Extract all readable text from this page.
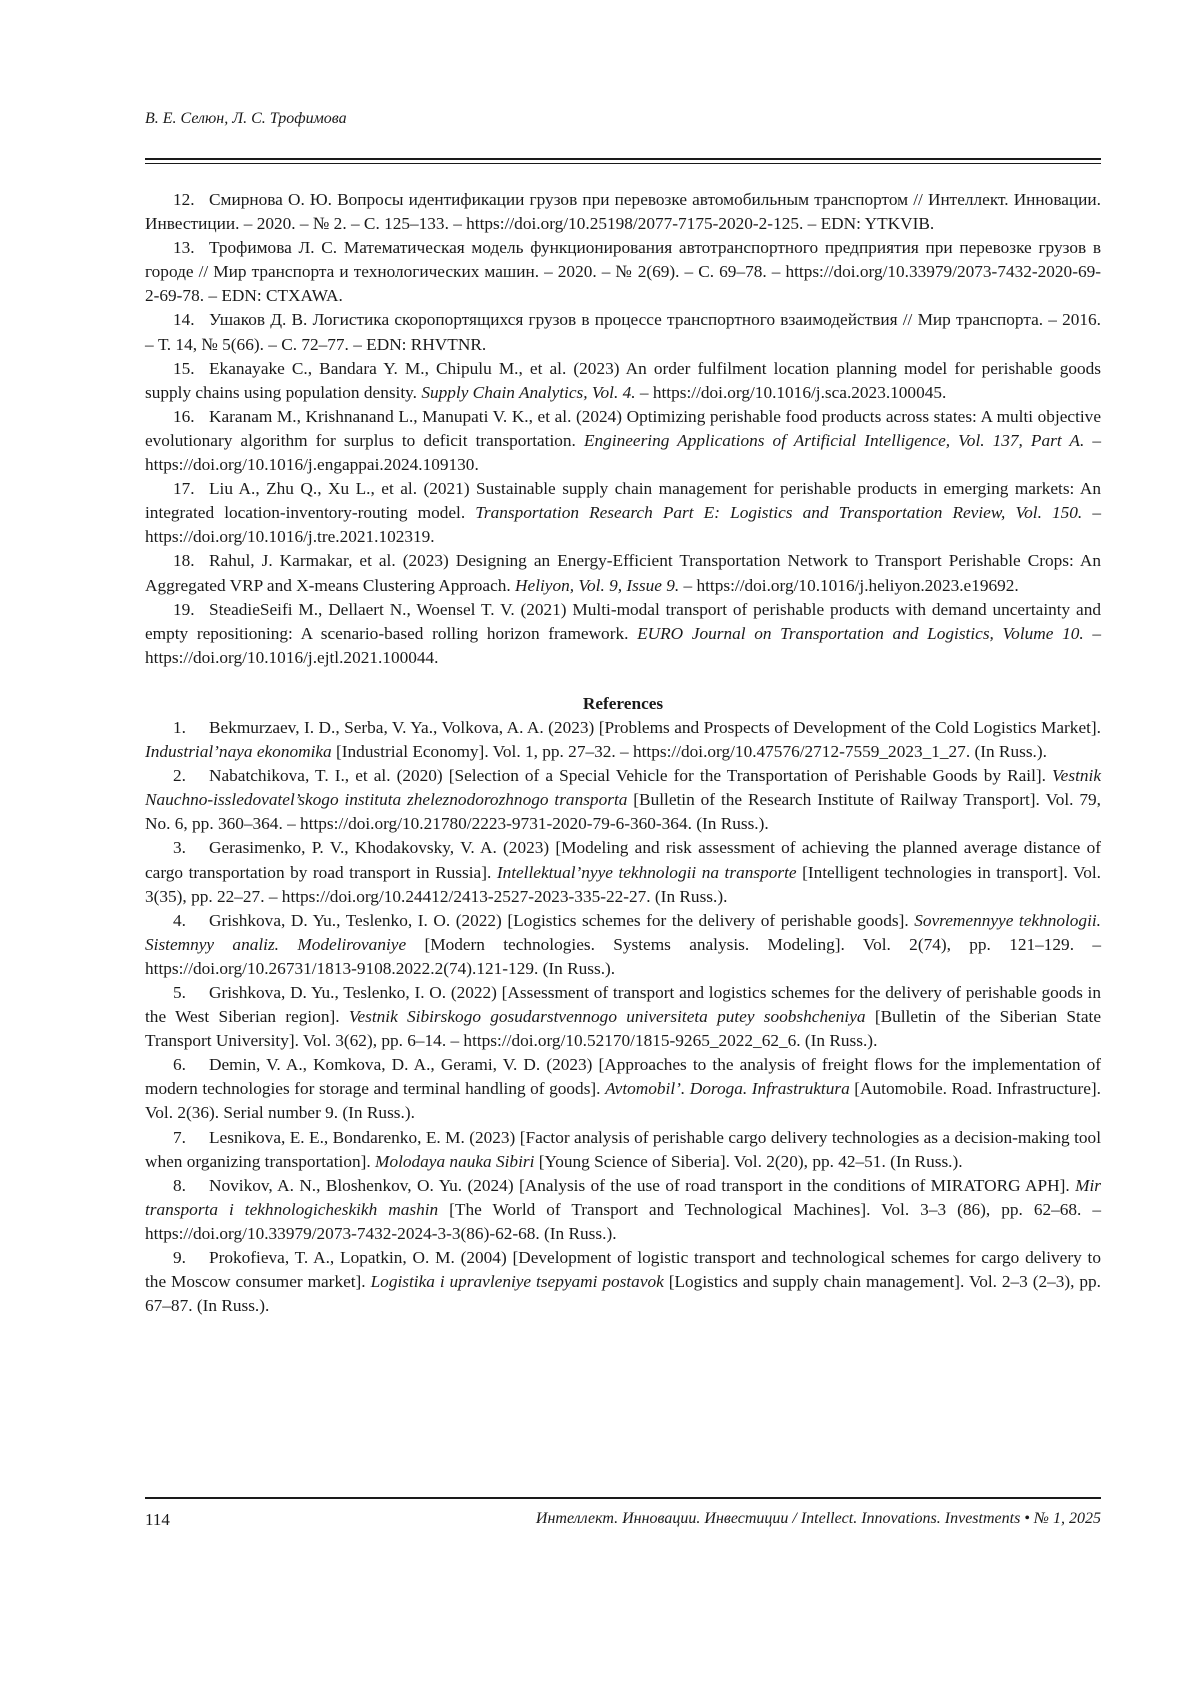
В. Е. Селюн, Л. С. Трофимова

12. Смирнова О. Ю. Вопросы идентификации грузов при перевозке автомобильным транспортом // Интеллект. Инновации. Инвестиции. – 2020. – № 2. – С. 125–133. – https://doi.org/10.25198/2077-7175-2020-2-125. – EDN: YTKVIB.

13. Трофимова Л. С. Математическая модель функционирования автотранспортного предприятия при перевозке грузов в городе // Мир транспорта и технологических машин. – 2020. – № 2(69). – С. 69–78. – https://doi.org/10.33979/2073-7432-2020-69-2-69-78. – EDN: CTXAWA.

14. Ушаков Д. В. Логистика скоропортящихся грузов в процессе транспортного взаимодействия // Мир транспорта. – 2016. – Т. 14, № 5(66). – С. 72–77. – EDN: RHVTNR.

15. Ekanayake C., Bandara Y. M., Chipulu M., et al. (2023) An order fulfilment location planning model for perishable goods supply chains using population density. Supply Chain Analytics, Vol. 4. – https://doi.org/10.1016/j.sca.2023.100045.

16. Karanam M., Krishnanand L., Manupati V. K., et al. (2024) Optimizing perishable food products across states: A multi objective evolutionary algorithm for surplus to deficit transportation. Engineering Applications of Artificial Intelligence, Vol. 137, Part A. – https://doi.org/10.1016/j.engappai.2024.109130.

17. Liu A., Zhu Q., Xu L., et al. (2021) Sustainable supply chain management for perishable products in emerging markets: An integrated location-inventory-routing model. Transportation Research Part E: Logistics and Transportation Review, Vol. 150. – https://doi.org/10.1016/j.tre.2021.102319.

18. Rahul, J. Karmakar, et al. (2023) Designing an Energy-Efficient Transportation Network to Transport Perishable Crops: An Aggregated VRP and X-means Clustering Approach. Heliyon, Vol. 9, Issue 9. – https://doi.org/10.1016/j.heliyon.2023.e19692.

19. SteadieSeifi M., Dellaert N., Woensel T. V. (2021) Multi-modal transport of perishable products with demand uncertainty and empty repositioning: A scenario-based rolling horizon framework. EURO Journal on Transportation and Logistics, Volume 10. – https://doi.org/10.1016/j.ejtl.2021.100044.

References

1. Bekmurzaev, I. D., Serba, V. Ya., Volkova, A. A. (2023) [Problems and Prospects of Development of the Cold Logistics Market]. Industrial’naya ekonomika [Industrial Economy]. Vol. 1, pp. 27–32. – https://doi.org/10.47576/2712-7559_2023_1_27. (In Russ.).

2. Nabatchikova, T. I., et al. (2020) [Selection of a Special Vehicle for the Transportation of Perishable Goods by Rail]. Vestnik Nauchno-issledovatel’skogo instituta zheleznodorozhnogo transporta [Bulletin of the Research Institute of Railway Transport]. Vol. 79, No. 6, pp. 360–364. – https://doi.org/10.21780/2223-9731-2020-79-6-360-364. (In Russ.).

3. Gerasimenko, P. V., Khodakovsky, V. A. (2023) [Modeling and risk assessment of achieving the planned average distance of cargo transportation by road transport in Russia]. Intellektual’nyye tekhnologii na transporte [Intelligent technologies in transport]. Vol. 3(35), pp. 22–27. – https://doi.org/10.24412/2413-2527-2023-335-22-27. (In Russ.).

4. Grishkova, D. Yu., Teslenko, I. O. (2022) [Logistics schemes for the delivery of perishable goods]. Sovremennyye tekhnologii. Sistemnyy analiz. Modelirovaniye [Modern technologies. Systems analysis. Modeling]. Vol. 2(74), pp. 121–129. – https://doi.org/10.26731/1813-9108.2022.2(74).121-129. (In Russ.).

5. Grishkova, D. Yu., Teslenko, I. O. (2022) [Assessment of transport and logistics schemes for the delivery of perishable goods in the West Siberian region]. Vestnik Sibirskogo gosudarstvennogo universiteta putey soobshcheniya [Bulletin of the Siberian State Transport University]. Vol. 3(62), pp. 6–14. – https://doi.org/10.52170/1815-9265_2022_62_6. (In Russ.).

6. Demin, V. A., Komkova, D. A., Gerami, V. D. (2023) [Approaches to the analysis of freight flows for the implementation of modern technologies for storage and terminal handling of goods]. Avtomobil’. Doroga. Infrastruktura [Automobile. Road. Infrastructure]. Vol. 2(36). Serial number 9. (In Russ.).

7. Lesnikova, E. E., Bondarenko, E. M. (2023) [Factor analysis of perishable cargo delivery technologies as a decision-making tool when organizing transportation]. Molodaya nauka Sibiri [Young Science of Siberia]. Vol. 2(20), pp. 42–51. (In Russ.).

8. Novikov, A. N., Bloshenkov, O. Yu. (2024) [Analysis of the use of road transport in the conditions of MIRATORG APH]. Mir transporta i tekhnologicheskikh mashin [The World of Transport and Technological Machines]. Vol. 3–3 (86), pp. 62–68. – https://doi.org/10.33979/2073-7432-2024-3-3(86)-62-68. (In Russ.).

9. Prokofieva, T. A., Lopatkin, O. M. (2004) [Development of logistic transport and technological schemes for cargo delivery to the Moscow consumer market]. Logistika i upravleniye tsepyami postavok [Logistics and supply chain management]. Vol. 2–3 (2–3), pp. 67–87. (In Russ.).

114	Интеллект. Инновации. Инвестиции / Intellect. Innovations. Investments • № 1, 2025
